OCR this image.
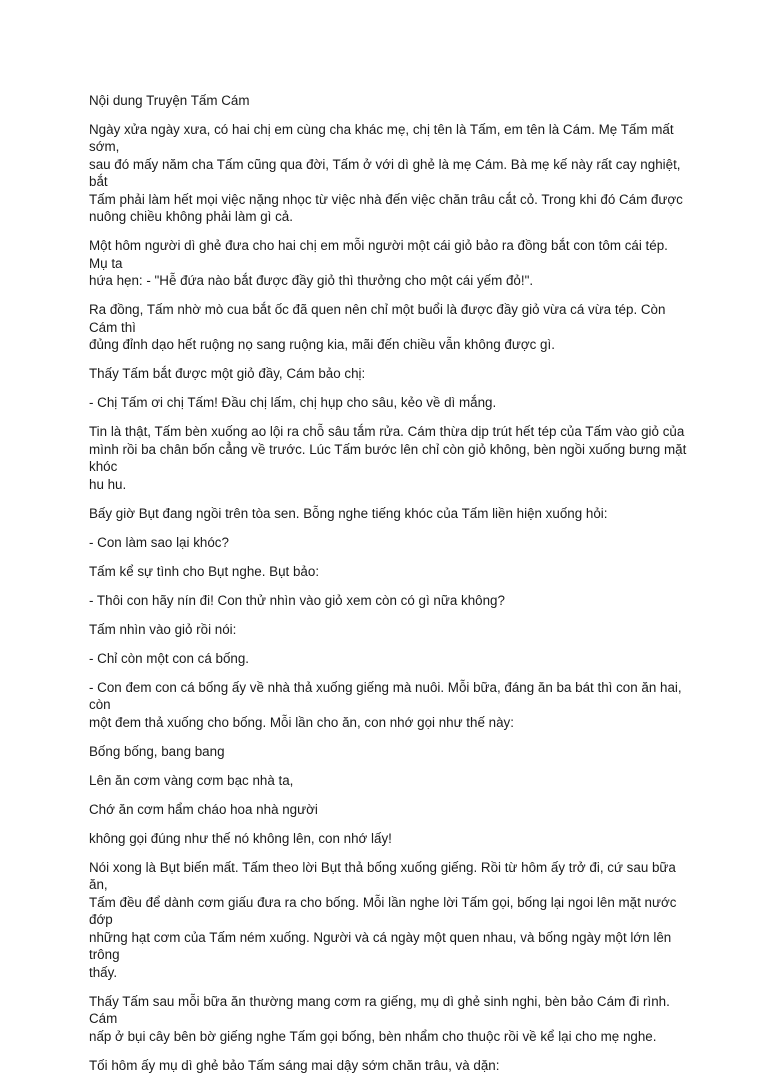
Nội dung Truyện Tấm Cám
Ngày xửa ngày xưa, có hai chị em cùng cha khác mẹ, chị tên là Tấm, em tên là Cám. Mẹ Tấm mất sớm,
sau đó mấy năm cha Tấm cũng qua đời, Tấm ở với dì ghẻ là mẹ Cám. Bà mẹ kế này rất cay nghiệt, bắt
Tấm phải làm hết mọi việc nặng nhọc từ việc nhà đến việc chăn trâu cắt cỏ. Trong khi đó Cám được
nuông chiều không phải làm gì cả.
Một hôm người dì ghẻ đưa cho hai chị em mỗi người một cái giỏ bảo ra đồng bắt con tôm cái tép. Mụ ta
hứa hẹn: - "Hễ đứa nào bắt được đầy giỏ thì thưởng cho một cái yếm đỏ!".
Ra đồng, Tấm nhờ mò cua bắt ốc đã quen nên chỉ một buổi là được đầy giỏ vừa cá vừa tép. Còn Cám thì
đủng đỉnh dạo hết ruộng nọ sang ruộng kia, mãi đến chiều vẫn không được gì.
Thấy Tấm bắt được một giỏ đầy, Cám bảo chị:
- Chị Tấm ơi chị Tấm! Đầu chị lấm, chị hụp cho sâu, kẻo về dì mắng.
Tin là thật, Tấm bèn xuống ao lội ra chỗ sâu tắm rửa. Cám thừa dịp trút hết tép của Tấm vào giỏ của
mình rồi ba chân bốn cẳng về trước. Lúc Tấm bước lên chỉ còn giỏ không, bèn ngồi xuống bưng mặt khóc
hu hu.
Bấy giờ Bụt đang ngồi trên tòa sen. Bỗng nghe tiếng khóc của Tấm liền hiện xuống hỏi:
- Con làm sao lại khóc?
Tấm kể sự tình cho Bụt nghe. Bụt bảo:
- Thôi con hãy nín đi! Con thử nhìn vào giỏ xem còn có gì nữa không?
Tấm nhìn vào giỏ rồi nói:
- Chỉ còn một con cá bống.
- Con đem con cá bống ấy về nhà thả xuống giếng mà nuôi. Mỗi bữa, đáng ăn ba bát thì con ăn hai, còn
một đem thả xuống cho bống. Mỗi lần cho ăn, con nhớ gọi như thế này:
Bống bống, bang bang
Lên ăn cơm vàng cơm bạc nhà ta,
Chớ ăn cơm hẩm cháo hoa nhà người
không gọi đúng như thế nó không lên, con nhớ lấy!
Nói xong là Bụt biến mất. Tấm theo lời Bụt thả bống xuống giếng. Rồi từ hôm ấy trở đi, cứ sau bữa ăn,
Tấm đều để dành cơm giấu đưa ra cho bống. Mỗi lần nghe lời Tấm gọi, bống lại ngoi lên mặt nước đớp
những hạt cơm của Tấm ném xuống. Người và cá ngày một quen nhau, và bống ngày một lớn lên trông
thấy.
Thấy Tấm sau mỗi bữa ăn thường mang cơm ra giếng, mụ dì ghẻ sinh nghi, bèn bảo Cám đi rình. Cám
nấp ở bụi cây bên bờ giếng nghe Tấm gọi bống, bèn nhẩm cho thuộc rồi về kể lại cho mẹ nghe.
Tối hôm ấy mụ dì ghẻ bảo Tấm sáng mai dậy sớm chăn trâu, và dặn:
